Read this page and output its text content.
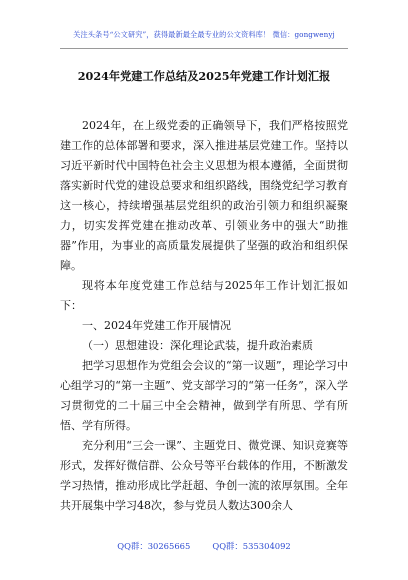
关注头条号“公文研究”，获得最新最全最专业的公文资料库！ 微信：gongwenyj
2024年党建工作总结及2025年党建工作计划汇报

2024年，在上级党委的正确领导下，我们严格按照党建工作的总体部署和要求，深入推进基层党建工作。坚持以习近平新时代中国特色社会主义思想为根本遵循，全面贯彻落实新时代党的建设总要求和组织路线，围绕党纪学习教育这一核心，持续增强基层党组织的政治引领力和组织凝聚力，切实发挥党建在推动改革、引领业务中的强大“助推器”作用，为事业的高质量发展提供了坚强的政治和组织保障。

现将本年度党建工作总结与2025年工作计划汇报如下：

一、2024年党建工作开展情况

（一）思想建设：深化理论武装，提升政治素质

把学习思想作为党组会会议的“第一议题”，理论学习中心组学习的“第一主题”、党支部学习的“第一任务”，深入学习贯彻党的二十届三中全会精神，做到学有所思、学有所悟、学有所得。

充分利用“三会一课”、主题党日、微党课、知识竞赛等形式，发挥好微信群、公众号等平台载体的作用，不断激发学习热情，推动形成比学赶超、争创一流的浓厚氛围。全年共开展集中学习48次，参与党员人数达300余人

QQ群：30265665	QQ群：535304092
